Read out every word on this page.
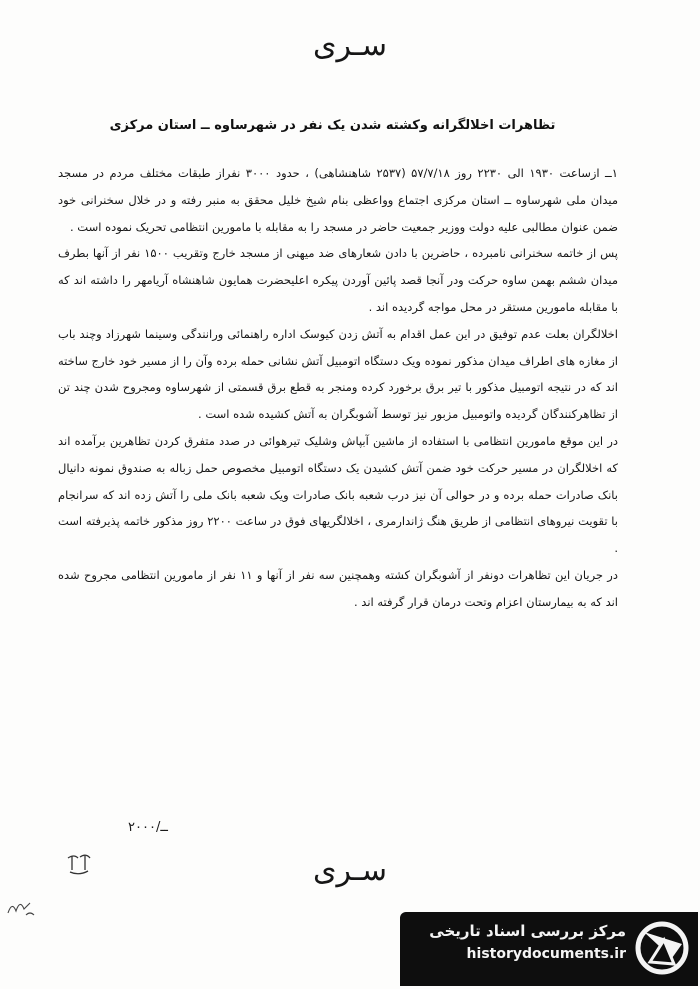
سـرى
تظاهرات اخلالگرانه وکشته شدن یک نفر در شهرساوه ــ استان مرکزی

۱ــ ازساعت ۱۹۳۰ الی ۲۲۳۰ روز ۵۷/۷/۱۸ (۲۵۳۷ شاهنشاهی) ، حدود ۳۰۰۰ نفراز طبقات مختلف مردم در مسجد میدان ملی شهرساوه ــ استان مرکزی اجتماع وواعظی بنام شیخ خلیل محقق به منبر رفته و در خلال سخنرانی خود ضمن عنوان مطالبی علیه دولت ووزیر جمعیت حاضر در مسجد را به مقابله با مامورین انتظامی تحریک نموده است .

پس از خاتمه سخنرانی نامبرده ، حاضرین با دادن شعارهای ضد میهنی از مسجد خارج وتقریب ۱۵۰۰ نفر از آنها بطرف میدان ششم بهمن ساوه حرکت ودر آنجا قصد پائین آوردن پیکره اعلیحضرت همایون شاهنشاه آریامهر را داشته اند که با مقابله مامورین مستقر در محل مواجه گردیده اند .

اخلالگران بعلت عدم توفیق در این عمل اقدام به آتش زدن کیوسک اداره راهنمائی ورانندگی وسینما شهرزاد وچند باب از مغازه های اطراف میدان مذکور نموده ویک دستگاه اتومبیل آتش نشانی حمله برده وآن را از مسیر خود خارج ساخته اند که در نتیجه اتومبیل مذکور با تیر برق برخورد کرده ومنجر به قطع برق قسمتی از شهرساوه ومجروح شدن چند تن از تظاهرکنندگان گردیده واتومبیل مزبور نیز توسط آشوبگران به آتش کشیده شده است .

در این موقع مامورین انتظامی با استفاده از ماشین آبپاش وشلیک تیرهوائی در صدد متفرق کردن تظاهرین برآمده اند که اخلالگران در مسیر حرکت خود ضمن آتش کشیدن یک دستگاه اتومبیل مخصوص حمل زباله به صندوق نمونه دانیال بانک صادرات حمله برده و در حوالی آن نیز درب شعبه بانک صادرات ویک شعبه بانک ملی را آتش زده اند که سرانجام با تقویت نیروهای انتظامی از طریق هنگ ژاندارمری ، اخلالگریهای فوق در ساعت ۲۲۰۰ روز مذکور خاتمه پذیرفته است .

در جریان این تظاهرات دونفر از آشوبگران کشته وهمچنین سه نفر از آنها و ۱۱ نفر از مامورین انتظامی مجروح شده اند که به بیمارستان اعزام وتحت درمان قرار گرفته اند .

۲ــ/۰۰۰
سـرى
مرکز بررسی اسناد تاریخی
historydocuments.ir
